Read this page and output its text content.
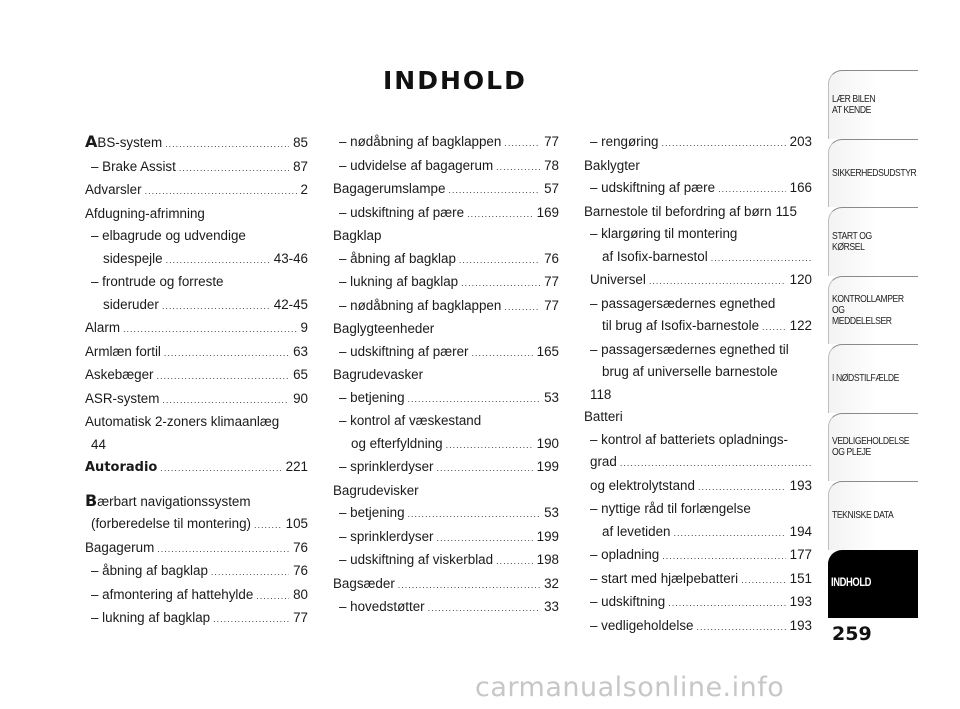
INDHOLD
ABS-system .....	85
– Brake Assist .....	87
Advarsler .....	2
Afdugning-afrimning
– elbagrude og udvendige
sidespejle .....	43-46
– frontrude og forreste
sideruder .....	42-45
Alarm .....	9
Armlæn fortil .....	63
Askebæger .....	65
ASR-system .....	90
Automatisk 2-zoners klimaanlæg
44
Autoradio .....	221
Bærbart navigationssystem
(forberedelse til montering) .....	105
Bagagerum .....	76
– åbning af bagklap .....	76
– afmontering af hattehylde .....	80
– lukning af bagklap .....	77
– nødåbning af bagklappen .....	77
– udvidelse af bagagerum .....	78
Bagagerumslampe .....	57
– udskiftning af pære .....	169
Bagklap
– åbning af bagklap .....	76
– lukning af bagklap .....	77
– nødåbning af bagklappen .....	77
Baglygteenheder
– udskiftning af pærer .....	165
Bagrudevasker
– betjening .....	53
– kontrol af væskestand
og efterfyldning .....	190
– sprinklerdyser .....	199
Bagrudevisker
– betjening .....	53
– sprinklerdyser .....	199
– udskiftning af viskerblad .....	198
Bagsæder .....	32
– hovedstøtter .....	33
– rengøring .....	203
Baklygter
– udskiftning af pære .....	166
Barnestole til befordring af børn 115
– klargøring til montering
af Isofix-barnestol
.....
Universel .....	120
– passagersædernes egnethed
til brug af Isofix-barnestole ..... 122
– passagersædernes egnethed til
brug af universelle barnestole
118
Batteri
– kontrol af batteriets opladnings-
grad
.....
og elektrolytstand .....	193
– nyttige råd til forlængelse
af levetiden .....	194
– opladning .....	177
– start med hjælpebatteri .....	151
– udskiftning .....	193
– vedligeholdelse .....	193
LÆR BILEN
AT KENDE
SIKKERHEDSUDSTYR
START OG KØRSEL
KONTROLLAMPER
OG MEDDELELSER
I NØDSTILFÆLDE
VEDLIGEHOLDELSE
OG PLEJE
TEKNISKE DATA
INDHOLD
259
carmanualsonline.info
